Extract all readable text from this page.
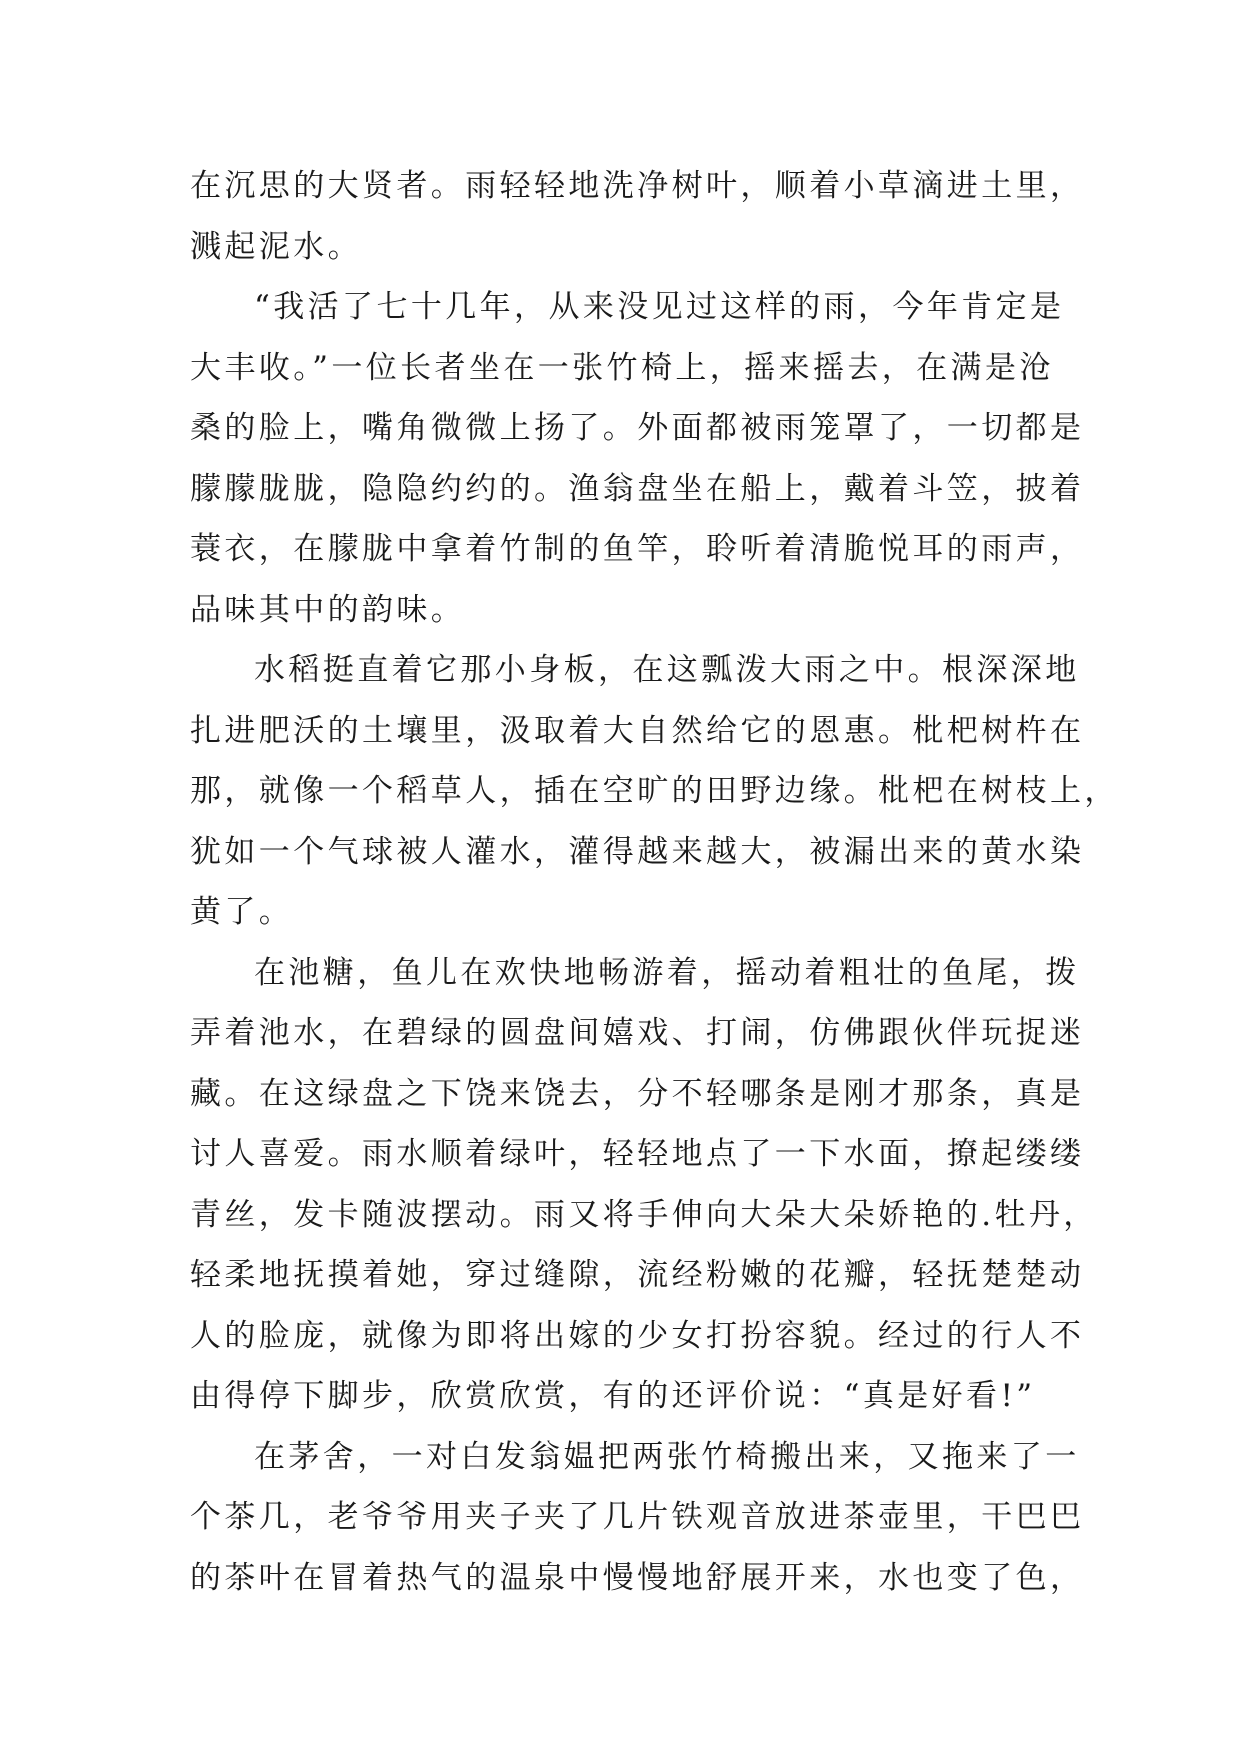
在沉思的大贤者。雨轻轻地洗净树叶，顺着小草滴进土里，
溅起泥水。
“我活了七十几年，从来没见过这样的雨，今年肯定是
大丰收。”一位长者坐在一张竹椅上，摇来摇去，在满是沧
桑的脸上，嘴角微微上扬了。外面都被雨笼罩了，一切都是
朦朦胧胧，隐隐约约的。渔翁盘坐在船上，戴着斗笠，披着
蓑衣，在朦胧中拿着竹制的鱼竿，聆听着清脆悦耳的雨声，
品味其中的韵味。
水稻挺直着它那小身板，在这瓢泼大雨之中。根深深地
扎进肥沃的土壤里，汲取着大自然给它的恩惠。枇杷树杵在
那，就像一个稻草人，插在空旷的田野边缘。枇杷在树枝上，
犹如一个气球被人灌水，灌得越来越大，被漏出来的黄水染
黄了。
在池糖，鱼儿在欢快地畅游着，摇动着粗壮的鱼尾，拨
弄着池水，在碧绿的圆盘间嬉戏、打闹，仿佛跟伙伴玩捉迷
藏。在这绿盘之下饶来饶去，分不轻哪条是刚才那条，真是
讨人喜爱。雨水顺着绿叶，轻轻地点了一下水面，撩起缕缕
青丝，发卡随波摆动。雨又将手伸向大朵大朵娇艳的.牡丹，
轻柔地抚摸着她，穿过缝隙，流经粉嫩的花瓣，轻抚楚楚动
人的脸庞，就像为即将出嫁的少女打扮容貌。经过的行人不
由得停下脚步，欣赏欣赏，有的还评价说：“真是好看!”
在茅舍，一对白发翁媪把两张竹椅搬出来，又拖来了一
个茶几，老爷爷用夹子夹了几片铁观音放进茶壶里，干巴巴
的茶叶在冒着热气的温泉中慢慢地舒展开来，水也变了色，
